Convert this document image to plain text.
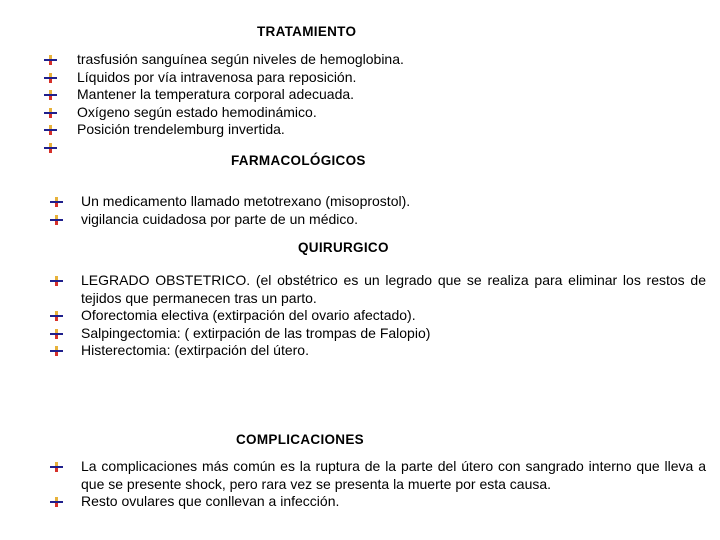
TRATAMIENTO
trasfusión sanguínea según niveles de hemoglobina.
Líquidos por vía intravenosa para reposición.
Mantener la temperatura corporal adecuada.
Oxígeno según estado hemodinámico.
Posición trendelemburg invertida.
FARMACOLÓGICOS
Un medicamento llamado metotrexano (misoprostol).
vigilancia cuidadosa por parte de un médico.
QUIRURGICO
LEGRADO OBSTETRICO. (el obstétrico es un legrado que se realiza para eliminar los restos de tejidos que permanecen tras un parto.
Oforectomia electiva (extirpación del ovario afectado).
Salpingectomia: ( extirpación de las trompas de Falopio)
Histerectomia: (extirpación del útero.
COMPLICACIONES
La complicaciones más común es la ruptura de la parte del útero con sangrado interno que lleva a que se presente shock, pero rara vez se presenta la muerte por esta causa.
Resto ovulares que conllevan a infección.
